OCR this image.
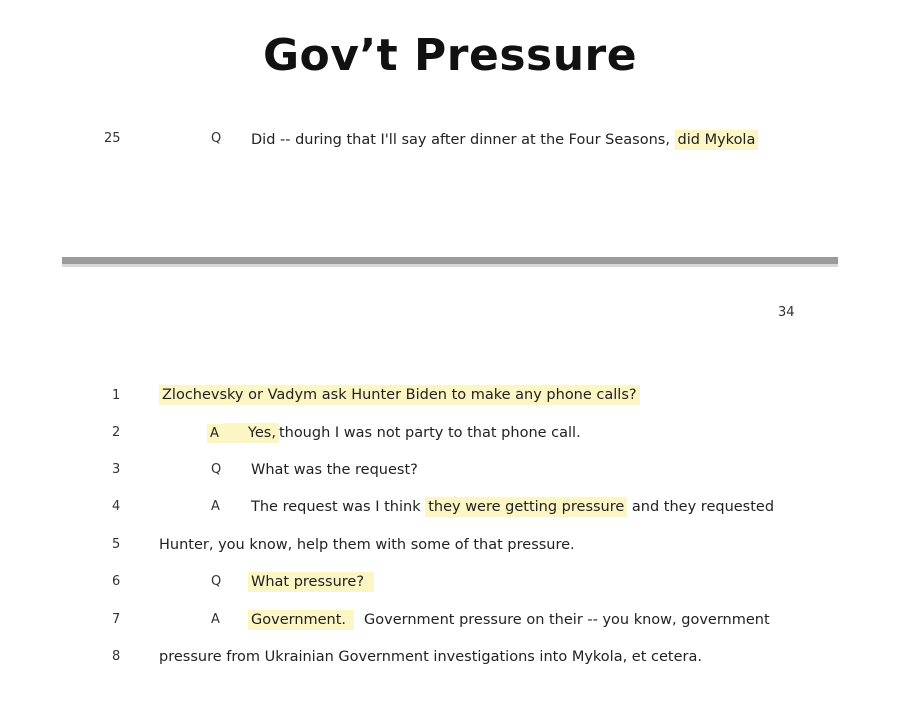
Gov’t Pressure
25	Q Did -- during that I'll say after dinner at the Four Seasons, did Mykola
34
1	Zlochevsky or Vadym ask Hunter Biden to make any phone calls?
2	A Yes, though I was not party to that phone call.
3	Q What was the request?
4	A The request was I think they were getting pressure and they requested
5	Hunter, you know, help them with some of that pressure.
6	Q What pressure?
7	A Government. Government pressure on their -- you know, government
8	pressure from Ukrainian Government investigations into Mykola, et cetera.
